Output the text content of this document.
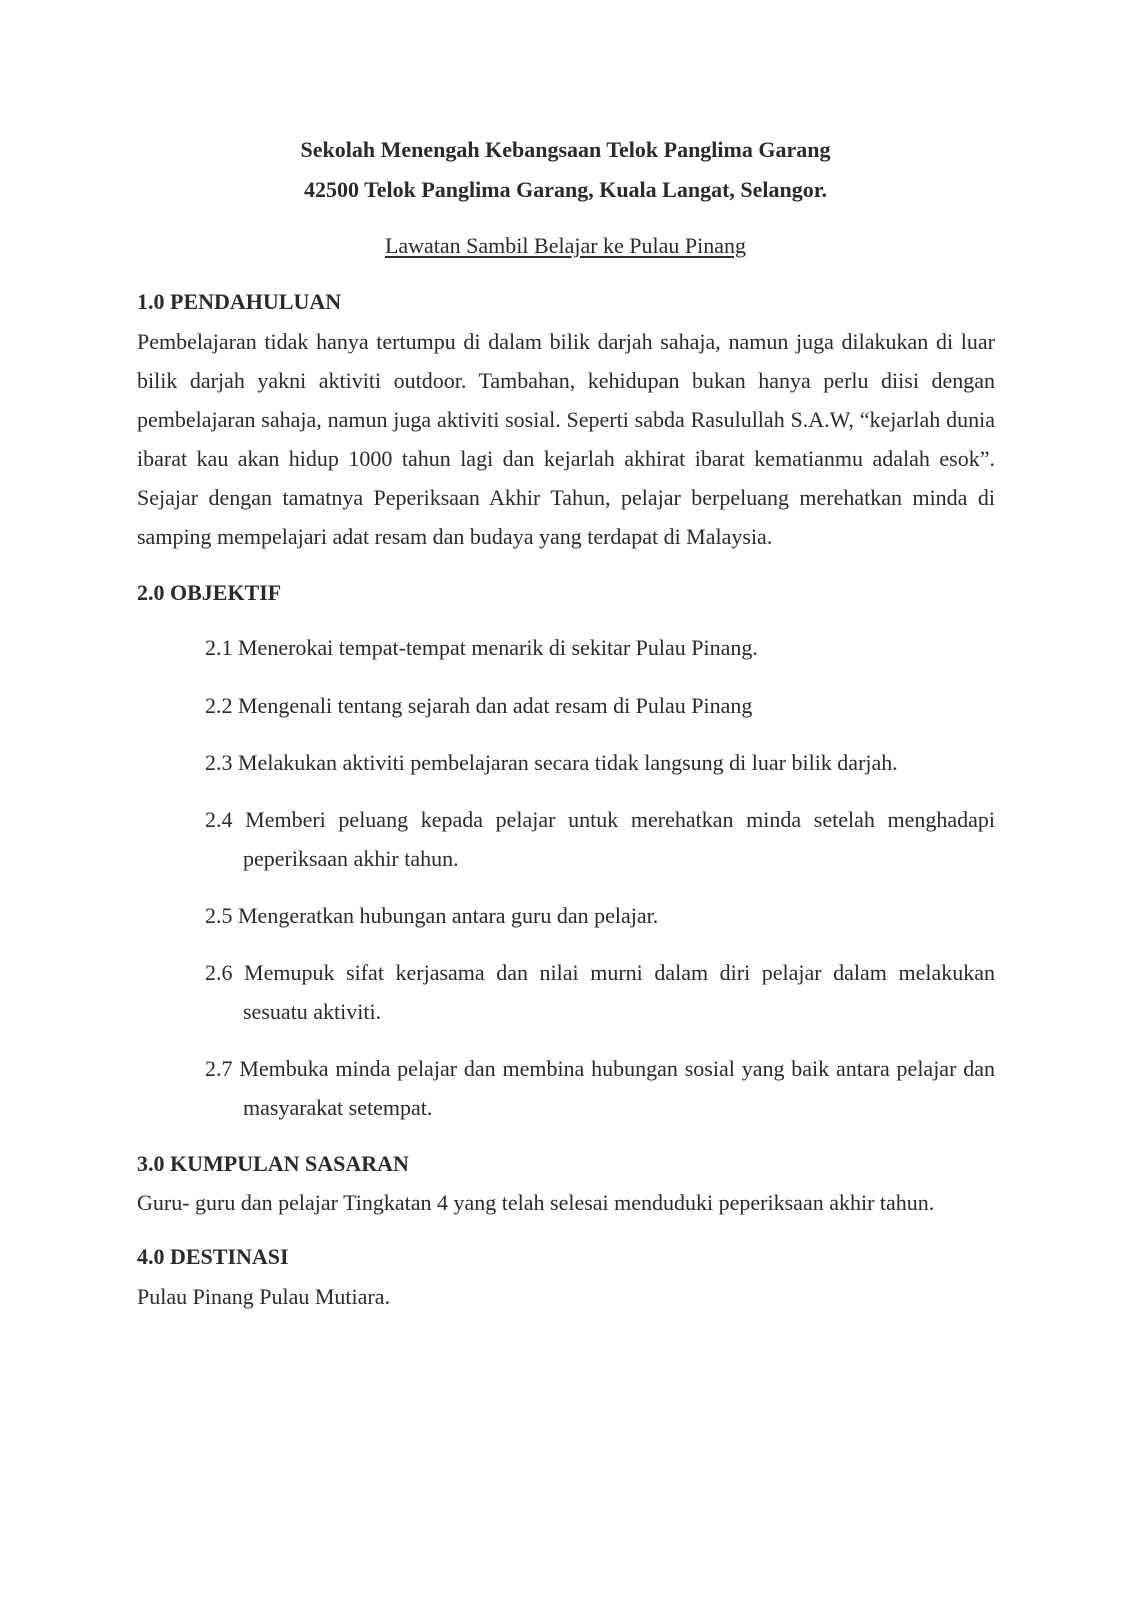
Sekolah Menengah Kebangsaan Telok Panglima Garang
42500 Telok Panglima Garang, Kuala Langat, Selangor.
Lawatan Sambil Belajar ke Pulau Pinang
1.0 PENDAHULUAN
Pembelajaran tidak hanya tertumpu di dalam bilik darjah sahaja, namun juga dilakukan di luar bilik darjah yakni aktiviti outdoor. Tambahan, kehidupan bukan hanya perlu diisi dengan pembelajaran sahaja, namun juga aktiviti sosial. Seperti sabda Rasulullah S.A.W, “kejarlah dunia ibarat kau akan hidup 1000 tahun lagi dan kejarlah akhirat ibarat kematianmu adalah esok”. Sejajar dengan tamatnya Peperiksaan Akhir Tahun, pelajar berpeluang merehatkan minda di samping mempelajari adat resam dan budaya yang terdapat di Malaysia.
2.0 OBJEKTIF
2.1 Menerokai tempat-tempat menarik di sekitar Pulau Pinang.
2.2 Mengenali tentang sejarah dan adat resam di Pulau Pinang
2.3 Melakukan aktiviti pembelajaran secara tidak langsung di luar bilik darjah.
2.4 Memberi peluang kepada pelajar untuk merehatkan minda setelah menghadapi peperiksaan akhir tahun.
2.5 Mengeratkan hubungan antara guru dan pelajar.
2.6 Memupuk sifat kerjasama dan nilai murni dalam diri pelajar dalam melakukan sesuatu aktiviti.
2.7 Membuka minda pelajar dan membina hubungan sosial yang baik antara pelajar dan masyarakat setempat.
3.0 KUMPULAN SASARAN
Guru- guru dan pelajar Tingkatan 4 yang telah selesai menduduki peperiksaan akhir tahun.
4.0 DESTINASI
Pulau Pinang Pulau Mutiara.
